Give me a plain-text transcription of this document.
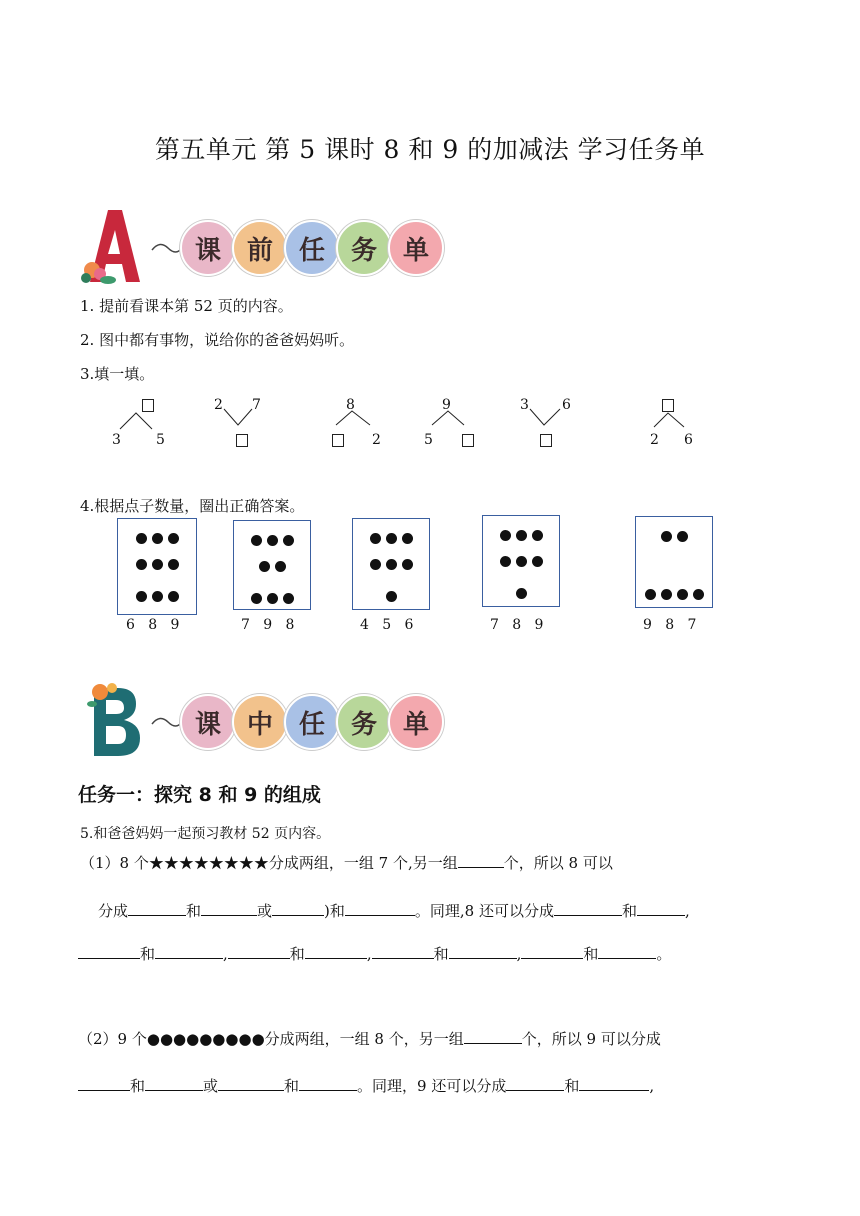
第五单元 第 5 课时 8 和 9 的加减法 学习任务单
课 前 任 务 单
1. 提前看课本第 52 页的内容。
2. 图中都有事物，说给你的爸爸妈妈听。
3.填一填。
3	5
2 7	8
2
9
5
3 6
2 6
4.根据点子数量，圈出正确答案。
6   8   9	7   9   8	4   5   6	7   8   9	9   8   7
课 中 任 务 单
任务一：探究 8 和 9 的组成
5.和爸爸妈妈一起预习教材 52 页内容。
（1）8 个★★★★★★★★分成两组，一组 7 个,另一组	个，所以 8 可以
分成	和	或	)和	。同理,8 还可以分成	和	,
和	,	和	,	和	,	和	。
（2）9 个●●●●●●●●●分成两组，一组 8 个，另一组	个，所以 9 可以分成
和	或	和	。同理，9 还可以分成	和	,
